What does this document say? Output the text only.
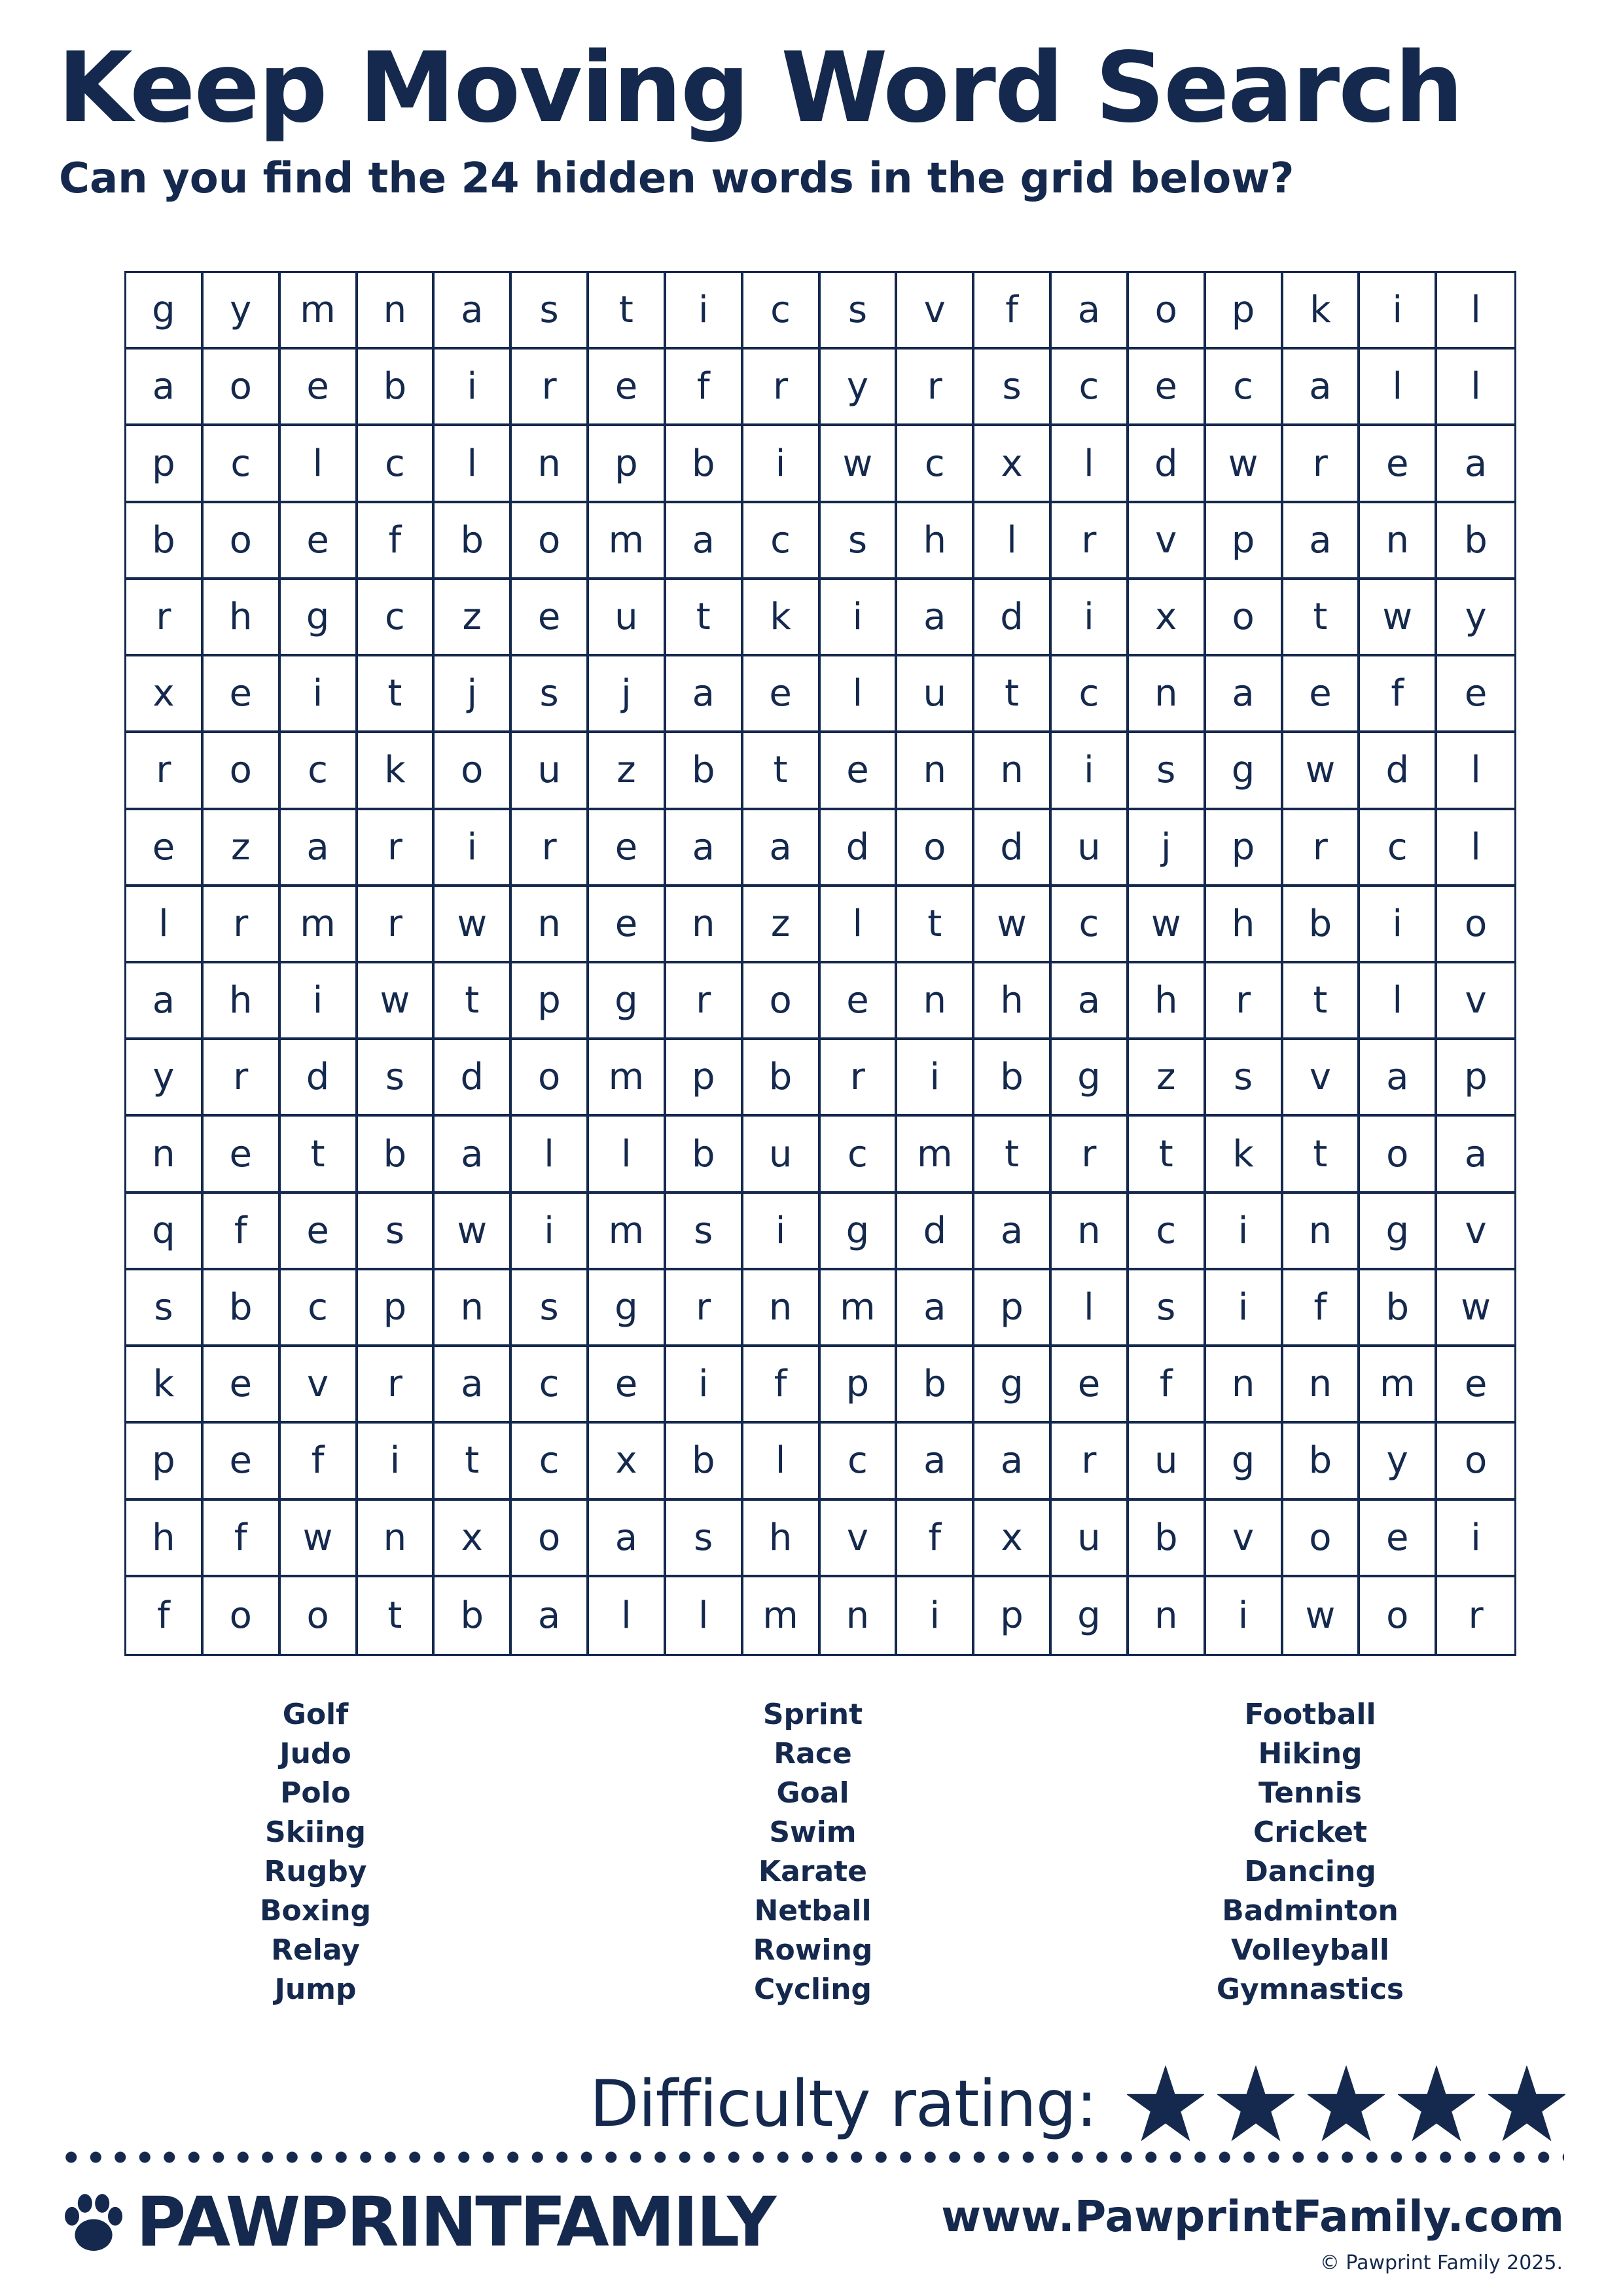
Keep Moving Word Search
Can you find the 24 hidden words in the grid below?
g	y	m	n	a	s	t	i	c	s	v	f	a	o	p	k	i	l
a	o	e	b	i	r	e	f	r	y	r	s	c	e	c	a	l	l
p	c	l	c	l	n	p	b	i	w	c	x	l	d	w	r	e	a
b	o	e	f	b	o	m	a	c	s	h	l	r	v	p	a	n	b
r	h	g	c	z	e	u	t	k	i	a	d	i	x	o	t	w	y
x	e	i	t	j	s	j	a	e	l	u	t	c	n	a	e	f	e
r	o	c	k	o	u	z	b	t	e	n	n	i	s	g	w	d	l
e	z	a	r	i	r	e	a	a	d	o	d	u	j	p	r	c	l
l	r	m	r	w	n	e	n	z	l	t	w	c	w	h	b	i	o
a	h	i	w	t	p	g	r	o	e	n	h	a	h	r	t	l	v
y	r	d	s	d	o	m	p	b	r	i	b	g	z	s	v	a	p
n	e	t	b	a	l	l	b	u	c	m	t	r	t	k	t	o	a
q	f	e	s	w	i	m	s	i	g	d	a	n	c	i	n	g	v
s	b	c	p	n	s	g	r	n	m	a	p	l	s	i	f	b	w
k	e	v	r	a	c	e	i	f	p	b	g	e	f	n	n	m	e
p	e	f	i	t	c	x	b	l	c	a	a	r	u	g	b	y	o
h	f	w	n	x	o	a	s	h	v	f	x	u	b	v	o	e	i
f	o	o	t	b	a	l	l	m	n	i	p	g	n	i	w	o	r
Golf
Judo
Polo
Skiing
Rugby
Boxing
Relay
Jump
Sprint
Race
Goal
Swim
Karate
Netball
Rowing
Cycling
Football
Hiking
Tennis
Cricket
Dancing
Badminton
Volleyball
Gymnastics
Difficulty rating:
PAWPRINTFAMILY	www.PawprintFamily.com
© Pawprint Family 2025.
